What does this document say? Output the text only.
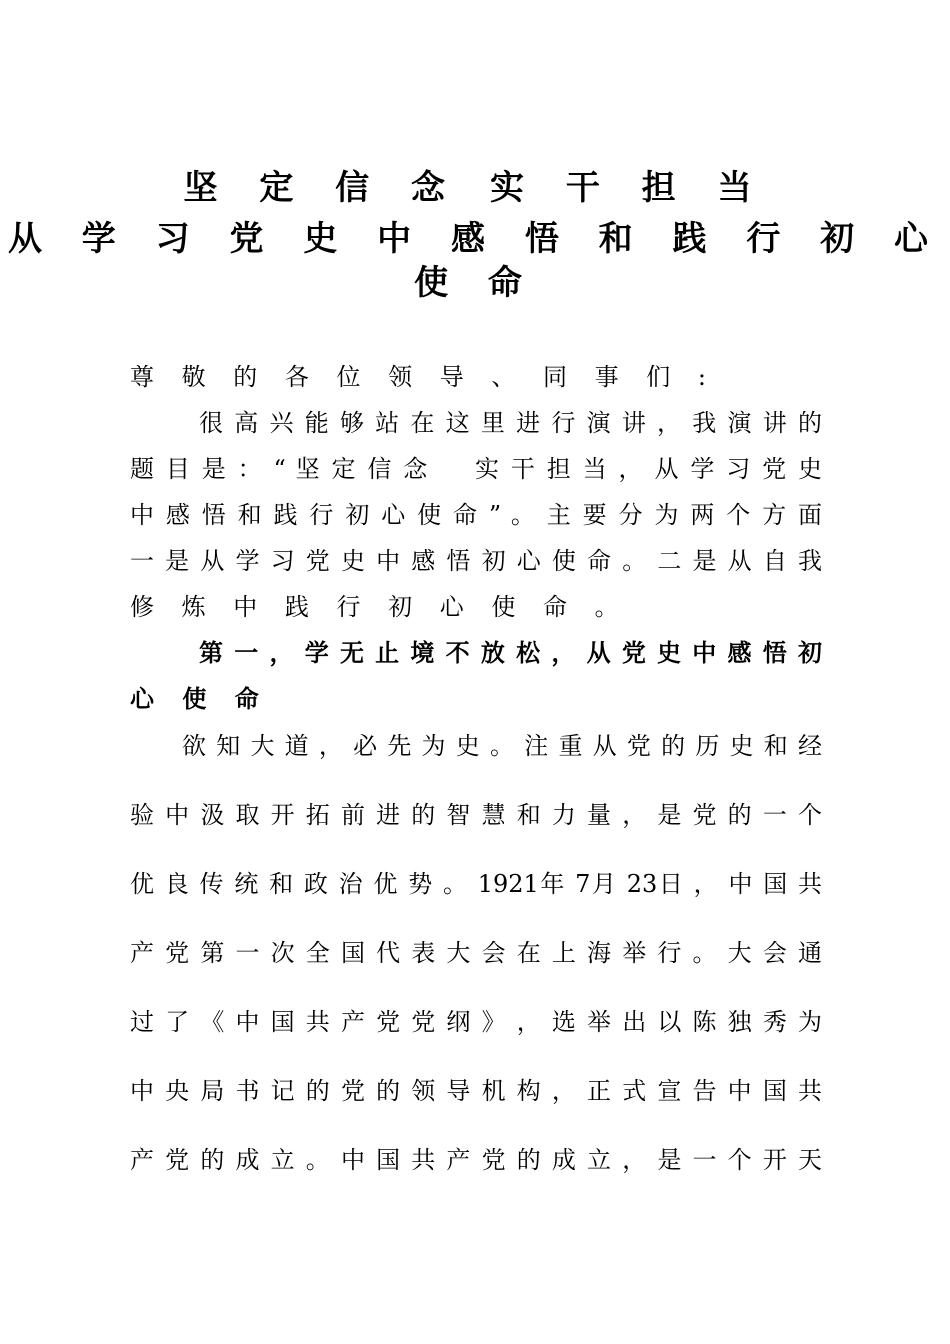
坚 定 信 念 实 干 担 当
从 学 习 党 史 中 感 悟 和 践 行 初 心
使 命
尊 敬 的 各 位 领 导 、 同 事 们 :
很 高 兴 能 够 站 在 这 里 进 行 演 讲 ， 我 演 讲 的
题 目 是 ： “ 坚 定 信 念 　 实 干 担 当 ， 从 学 习 党 史
中 感 悟 和 践 行 初 心 使 命 ” 。 主 要 分 为 两 个 方 面
一 是 从 学 习 党 史 中 感 悟 初 心 使 命 。 二 是 从 自 我
修 炼 中 践 行 初 心 使 命 。
第 一 ， 学 无 止 境 不 放 松 ， 从 党 史 中 感 悟 初
心 使 命
欲 知 大 道 ， 必 先 为 史 。 注 重 从 党 的 历 史 和 经
验 中 汲 取 开 拓 前 进 的 智 慧 和 力 量 ， 是 党 的 一 个
优 良 传 统 和 政 治 优 势 。 1921年 7月 23日 ， 中 国 共
产 党 第 一 次 全 国 代 表 大 会 在 上 海 举 行 。 大 会 通
过 了 《 中 国 共 产 党 党 纲 》 ， 选 举 出 以 陈 独 秀 为
中 央 局 书 记 的 党 的 领 导 机 构 ， 正 式 宣 告 中 国 共
产 党 的 成 立 。 中 国 共 产 党 的 成 立 ， 是 一 个 开 天
